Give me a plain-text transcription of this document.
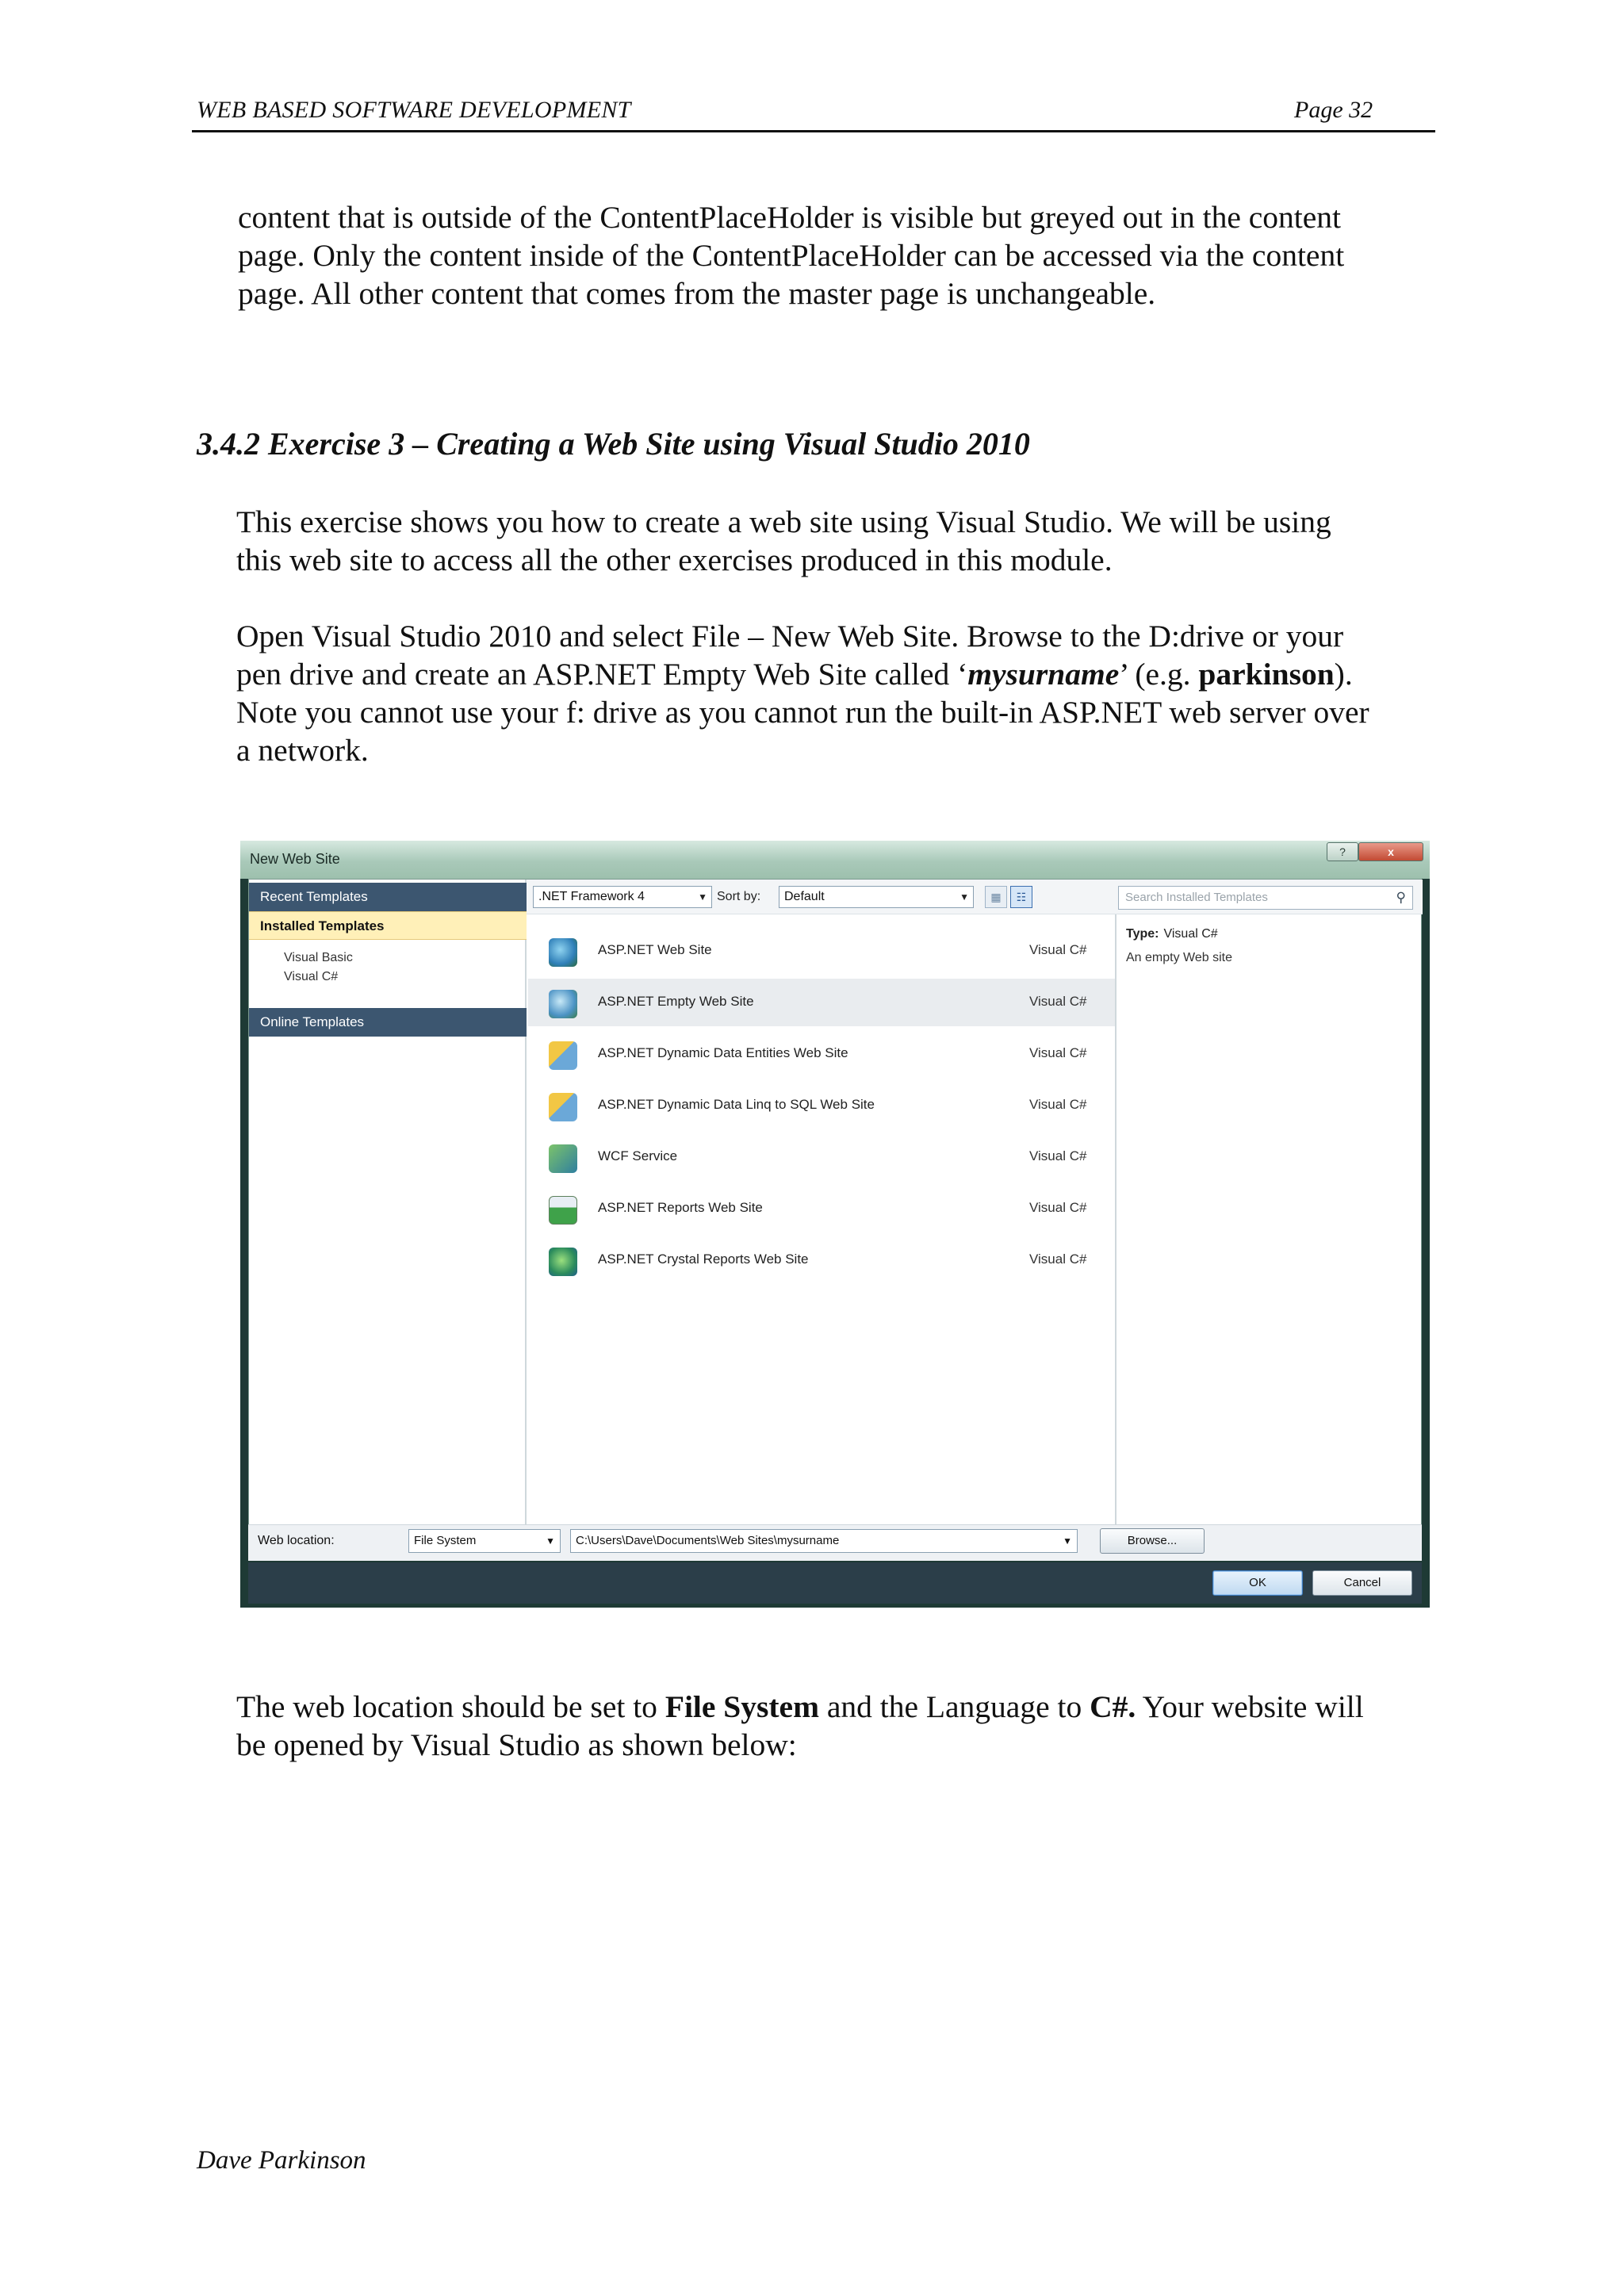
WEB BASED SOFTWARE DEVELOPMENT	Page 32

content that is outside of the ContentPlaceHolder is visible but greyed out in the content

page. Only the content inside of the ContentPlaceHolder can be accessed via the content

page. All other content that comes from the master page is unchangeable.

3.4.2 Exercise 3 – Creating a Web Site using Visual Studio 2010

This exercise shows you how to create a web site using Visual Studio. We will be using

this web site to access all the other exercises produced in this module.

Open Visual Studio 2010 and select File – New Web Site. Browse to the D:drive or your

pen drive and create an ASP.NET Empty Web Site called ‘mysurname’ (e.g. parkinson).

Note you cannot use your f: drive as you cannot run the built-in ASP.NET web server over

a network.

New Web Site	?	x
Recent Templates
Installed Templates
Visual Basic
Visual C#
Online Templates
.NET Framework 4	▼ Sort by:	Default	▼	▦	☷	Search Installed Templates	⚲
Type: Visual C#
An empty Web site
ASP.NET Web Site	Visual C#
ASP.NET Empty Web Site	Visual C#
ASP.NET Dynamic Data Entities Web Site	Visual C#
ASP.NET Dynamic Data Linq to SQL Web Site	Visual C#
WCF Service	Visual C#
ASP.NET Reports Web Site	Visual C#
ASP.NET Crystal Reports Web Site	Visual C#
Web location:	File System	▼	C:\Users\Dave\Documents\Web Sites\mysurname	▼	Browse...
OK	Cancel

The web location should be set to File System and the Language to C#. Your website will

be opened by Visual Studio as shown below:

Dave Parkinson
